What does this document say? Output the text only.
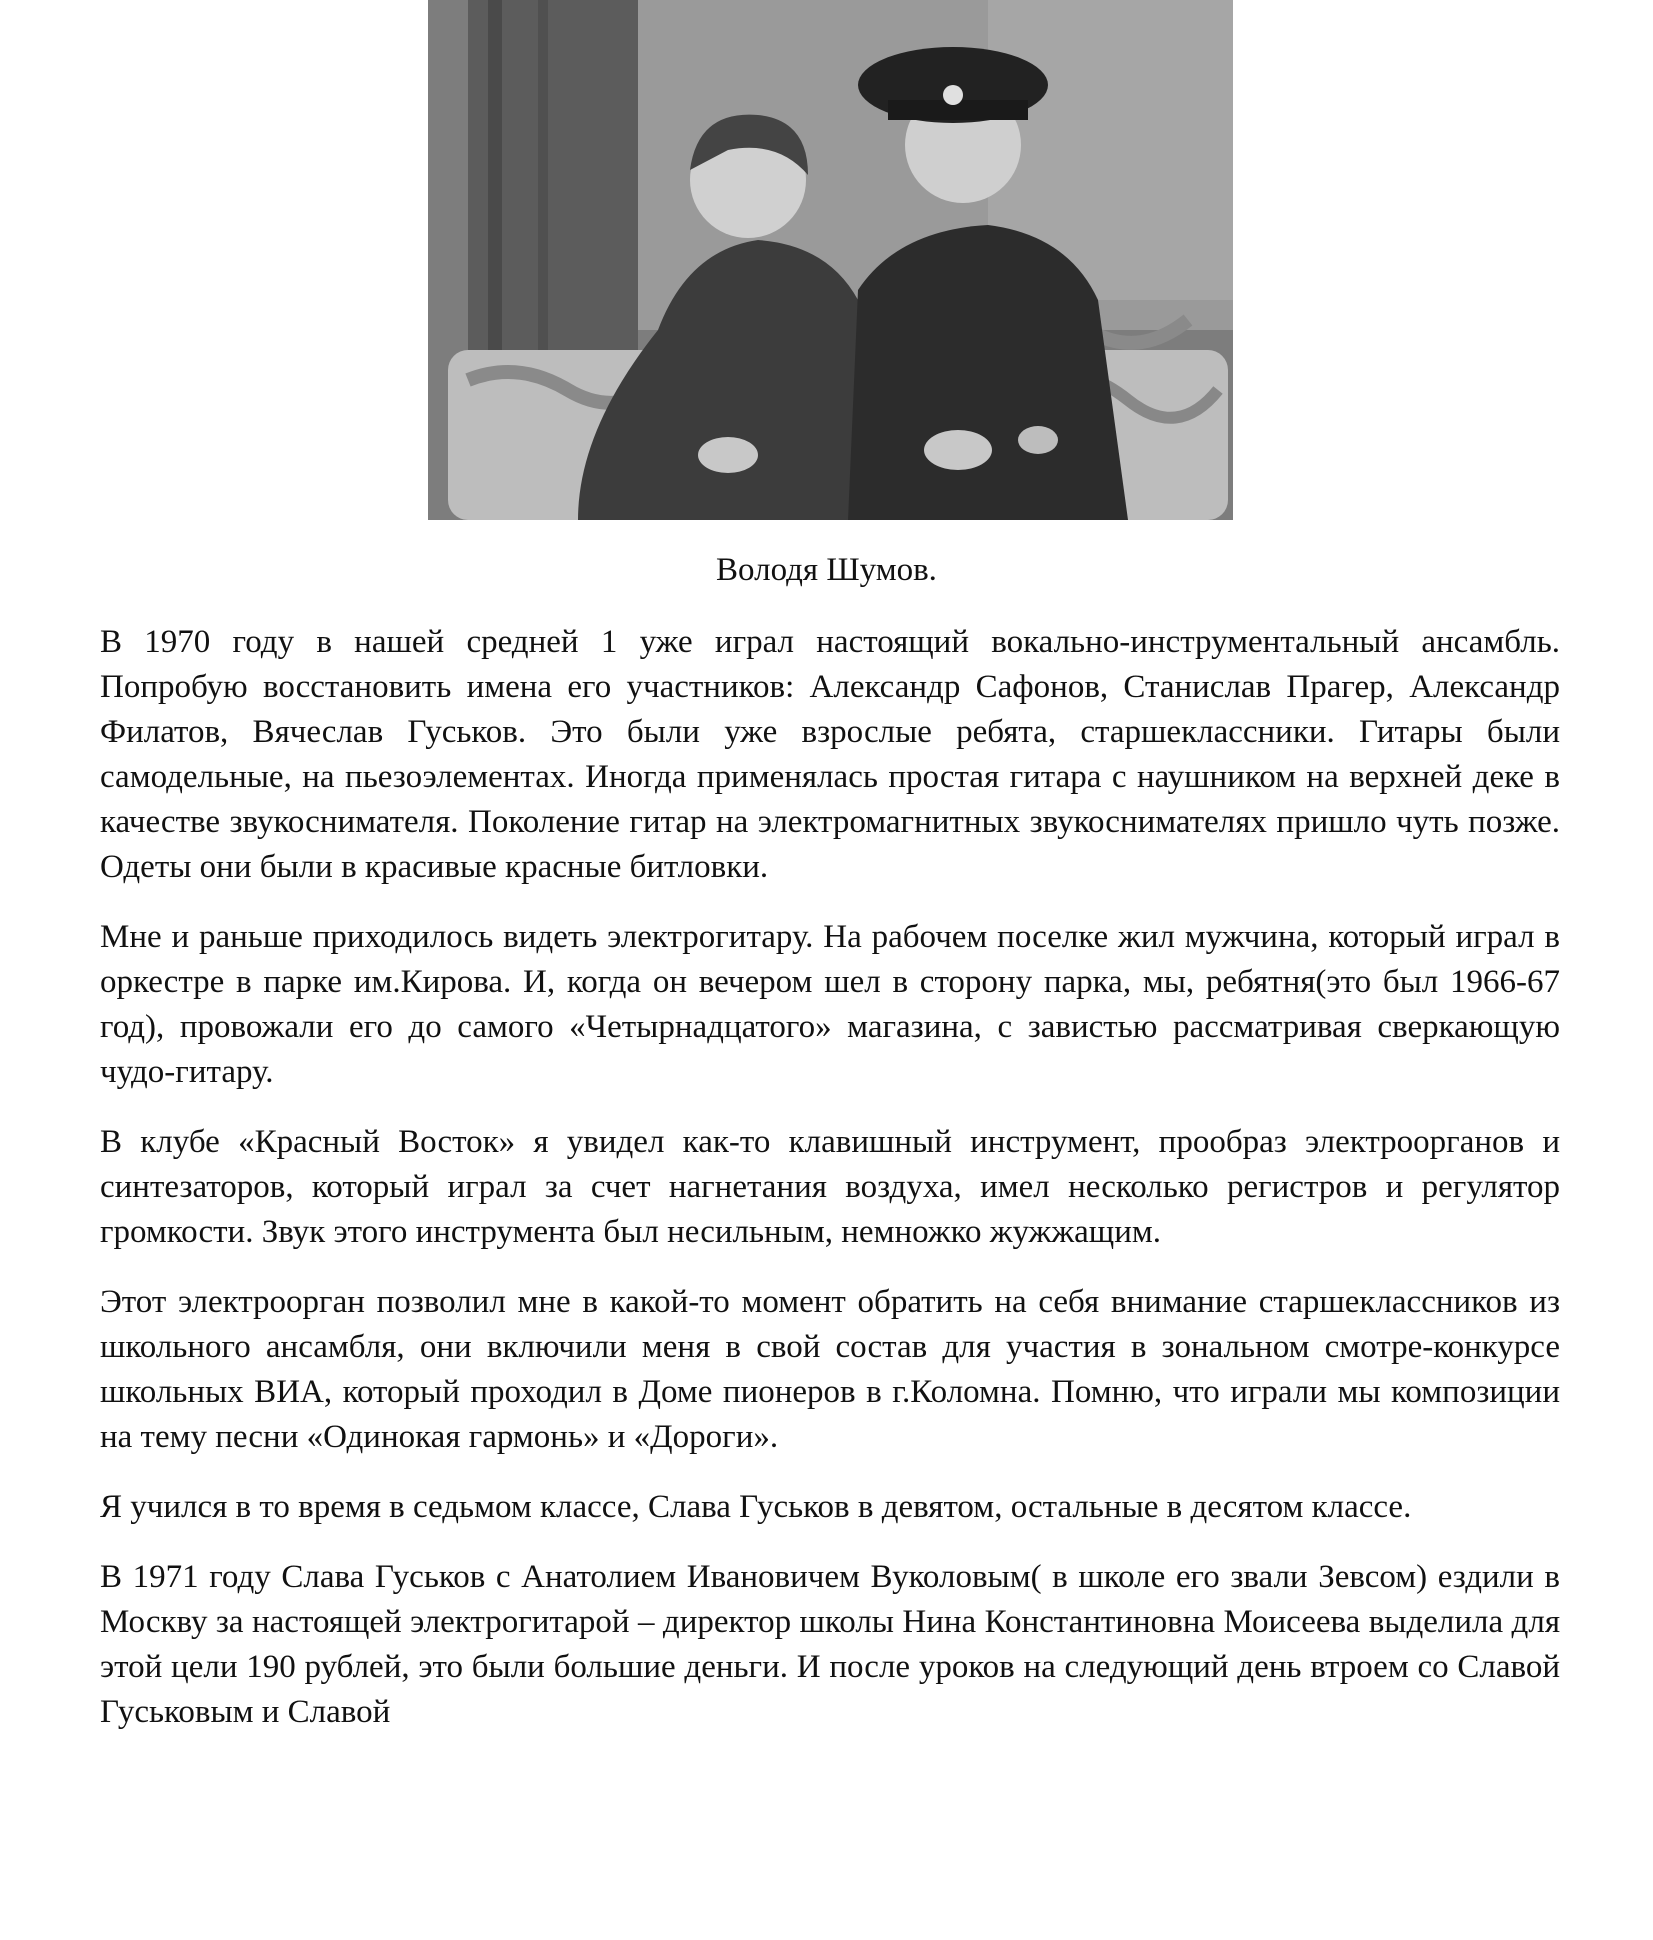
Володя Шумов.

В 1970 году в нашей средней 1 уже играл настоящий вокально-инструментальный ансамбль. Попробую восстановить имена его участников: Александр Сафонов, Станислав Прагер, Александр Филатов, Вячеслав Гуськов. Это были уже взрослые ребята, старшеклассники. Гитары были самодельные, на пьезоэлементах. Иногда применялась простая гитара с наушником на верхней деке в качестве звукоснимателя. Поколение гитар на электромагнитных звукоснимателях пришло чуть позже. Одеты они были в красивые красные битловки.

Мне и раньше приходилось видеть электрогитару. На рабочем поселке жил мужчина, который играл в оркестре в парке им.Кирова. И, когда он вечером шел в сторону парка, мы, ребятня(это был 1966-67 год), провожали его до самого «Четырнадцатого» магазина, с завистью рассматривая сверкающую чудо-гитару.

В клубе «Красный Восток» я увидел как-то клавишный инструмент, прообраз электроорганов и синтезаторов, который играл за счет нагнетания воздуха, имел несколько регистров и регулятор громкости. Звук этого инструмента был несильным, немножко жужжащим.

Этот электроорган позволил мне в какой-то момент обратить на себя внимание старшеклассников из школьного ансамбля, они включили меня в свой состав для участия в зональном смотре-конкурсе школьных ВИА, который проходил в Доме пионеров в г.Коломна. Помню, что играли мы композиции на тему песни «Одинокая гармонь» и «Дороги».

Я учился в то время в седьмом классе, Слава Гуськов в девятом, остальные в десятом классе.

В 1971 году Слава Гуськов с Анатолием Ивановичем Вуколовым( в школе его звали Зевсом) ездили в Москву за настоящей электрогитарой – директор школы Нина Константиновна Моисеева выделила для этой цели 190 рублей, это были большие деньги. И после уроков на следующий день втроем со Славой Гуськовым и Славой
